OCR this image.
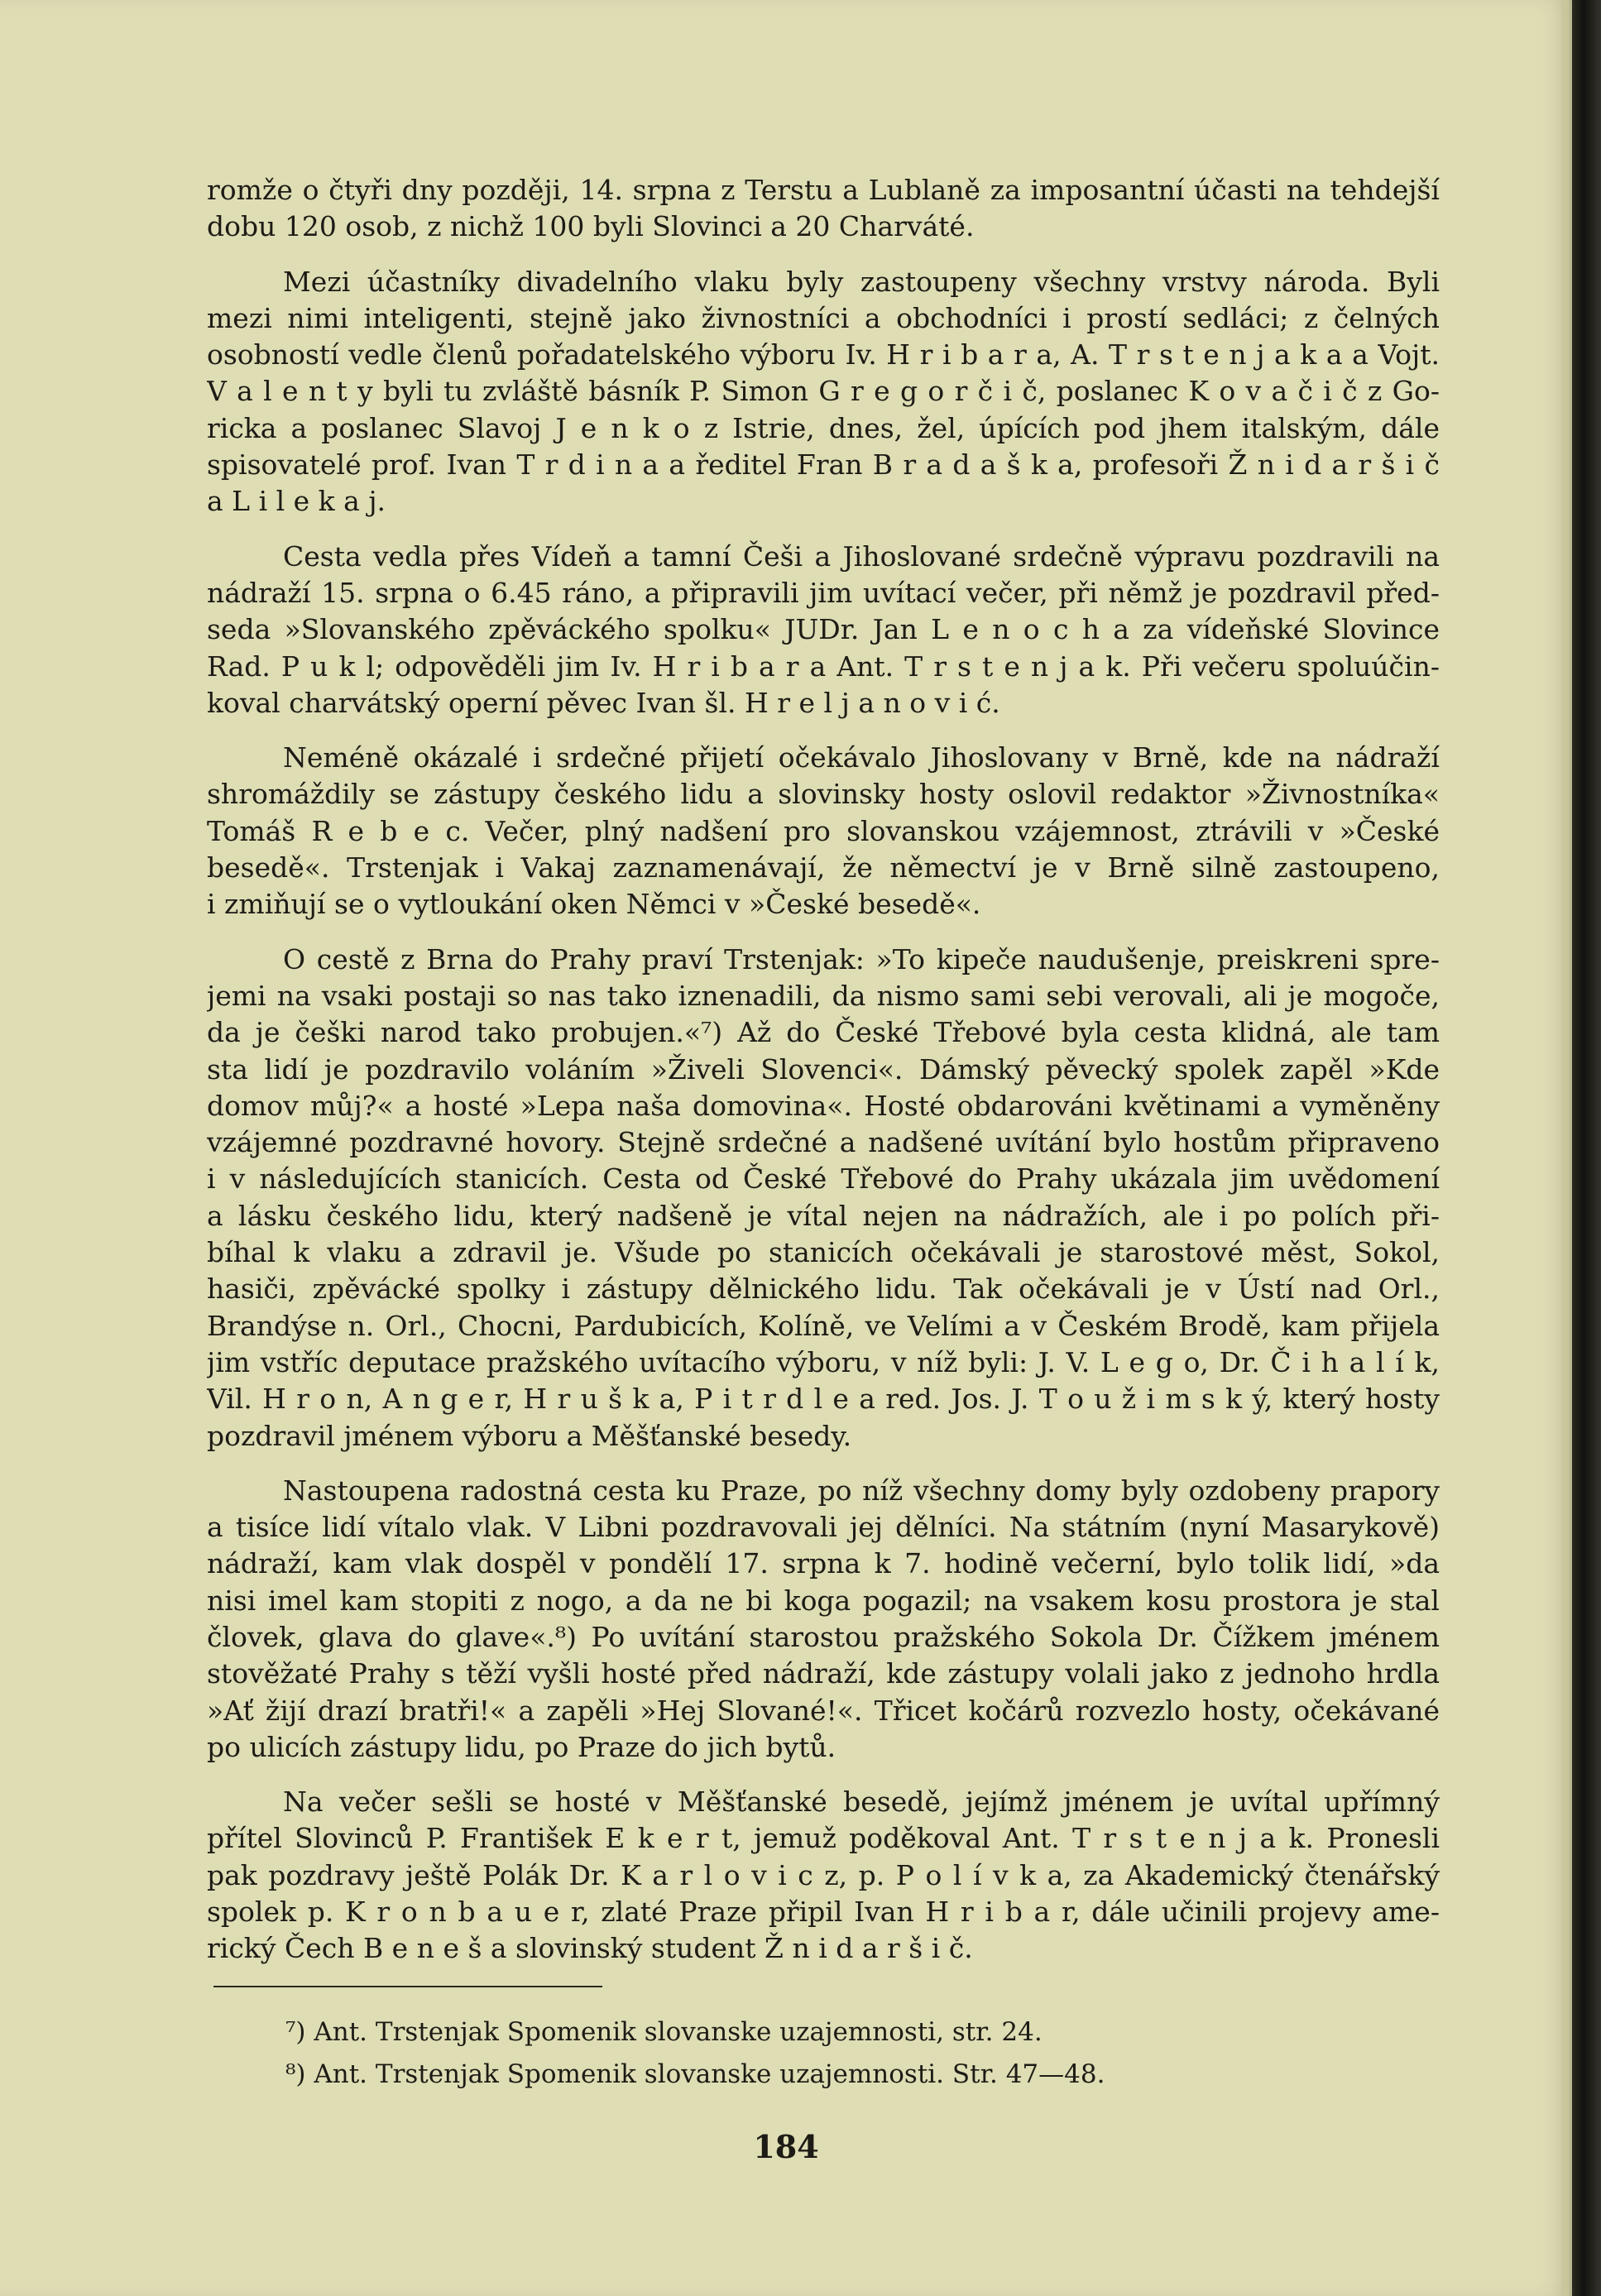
romže o čtyři dny později, 14. srpna z Terstu a Lublaně za imposantní účasti na tehdejší
dobu 120 osob, z nichž 100 byli Slovinci a 20 Charváté.
Mezi účastníky divadelního vlaku byly zastoupeny všechny vrstvy národa. Byli
mezi nimi inteligenti, stejně jako živnostníci a obchodníci i prostí sedláci; z čelných
osobností vedle členů pořadatelského výboru Iv. H r i b a r a, A. T r s t e n j a k a a Vojt.
V a l e n t y byli tu zvláště básník P. Simon G r e g o r č i č, poslanec K o v a č i č z Go-
ricka a poslanec Slavoj J e n k o z Istrie, dnes, žel, úpících pod jhem italským, dále
spisovatelé prof. Ivan T r d i n a a ředitel Fran B r a d a š k a, profesoři Ž n i d a r š i č
a L i l e k a j.
Cesta vedla přes Vídeň a tamní Češi a Jihoslované srdečně výpravu pozdravili na
nádraží 15. srpna o 6.45 ráno, a připravili jim uvítací večer, při němž je pozdravil před-
seda »Slovanského zpěváckého spolku« JUDr. Jan L e n o c h a za vídeňské Slovince
Rad. P u k l; odpověděli jim Iv. H r i b a r a Ant. T r s t e n j a k. Při večeru spoluúčin-
koval charvátský operní pěvec Ivan šl. H r e l j a n o v i ć.
Neméně okázalé i srdečné přijetí očekávalo Jihoslovany v Brně, kde na nádraží
shromáždily se zástupy českého lidu a slovinsky hosty oslovil redaktor »Živnostníka«
Tomáš R e b e c. Večer, plný nadšení pro slovanskou vzájemnost, ztrávili v »České
besedě«. Trstenjak i Vakaj zaznamenávají, že němectví je v Brně silně zastoupeno,
i zmiňují se o vytloukání oken Němci v »České besedě«.
O cestě z Brna do Prahy praví Trstenjak: »To kipeče naudušenje, preiskreni spre-
jemi na vsaki postaji so nas tako iznenadili, da nismo sami sebi verovali, ali je mogoče,
da je češki narod tako probujen.«⁷) Až do České Třebové byla cesta klidná, ale tam
sta lidí je pozdravilo voláním »Živeli Slovenci«. Dámský pěvecký spolek zapěl »Kde
domov můj?« a hosté »Lepa naša domovina«. Hosté obdarováni květinami a vyměněny
vzájemné pozdravné hovory. Stejně srdečné a nadšené uvítání bylo hostům připraveno
i v následujících stanicích. Cesta od České Třebové do Prahy ukázala jim uvědomení
a lásku českého lidu, který nadšeně je vítal nejen na nádražích, ale i po polích při-
bíhal k vlaku a zdravil je. Všude po stanicích očekávali je starostové měst, Sokol,
hasiči, zpěvácké spolky i zástupy dělnického lidu. Tak očekávali je v Ústí nad Orl.,
Brandýse n. Orl., Chocni, Pardubicích, Kolíně, ve Velími a v Českém Brodě, kam přijela
jim vstříc deputace pražského uvítacího výboru, v níž byli: J. V. L e g o, Dr. Č i h a l í k,
Vil. H r o n, A n g e r, H r u š k a, P i t r d l e a red. Jos. J. T o u ž i m s k ý, který hosty
pozdravil jménem výboru a Měšťanské besedy.
Nastoupena radostná cesta ku Praze, po níž všechny domy byly ozdobeny prapory
a tisíce lidí vítalo vlak. V Libni pozdravovali jej dělníci. Na státním (nyní Masarykově)
nádraží, kam vlak dospěl v pondělí 17. srpna k 7. hodině večerní, bylo tolik lidí, »da
nisi imel kam stopiti z nogo, a da ne bi koga pogazil; na vsakem kosu prostora je stal
človek, glava do glave«.⁸) Po uvítání starostou pražského Sokola Dr. Čížkem jménem
stověžaté Prahy s těží vyšli hosté před nádraží, kde zástupy volali jako z jednoho hrdla
»Ať žijí drazí bratři!« a zapěli »Hej Slované!«. Třicet kočárů rozvezlo hosty, očekávané
po ulicích zástupy lidu, po Praze do jich bytů.
Na večer sešli se hosté v Měšťanské besedě, jejímž jménem je uvítal upřímný
přítel Slovinců P. František E k e r t, jemuž poděkoval Ant. T r s t e n j a k. Pronesli
pak pozdravy ještě Polák Dr. K a r l o v i c z, p. P o l í v k a, za Akademický čtenářský
spolek p. K r o n b a u e r, zlaté Praze připil Ivan H r i b a r, dále učinili projevy ame-
rický Čech B e n e š a slovinský student Ž n i d a r š i č.
⁷) Ant. Trstenjak Spomenik slovanske uzajemnosti, str. 24.
⁸) Ant. Trstenjak Spomenik slovanske uzajemnosti. Str. 47—48.
184
